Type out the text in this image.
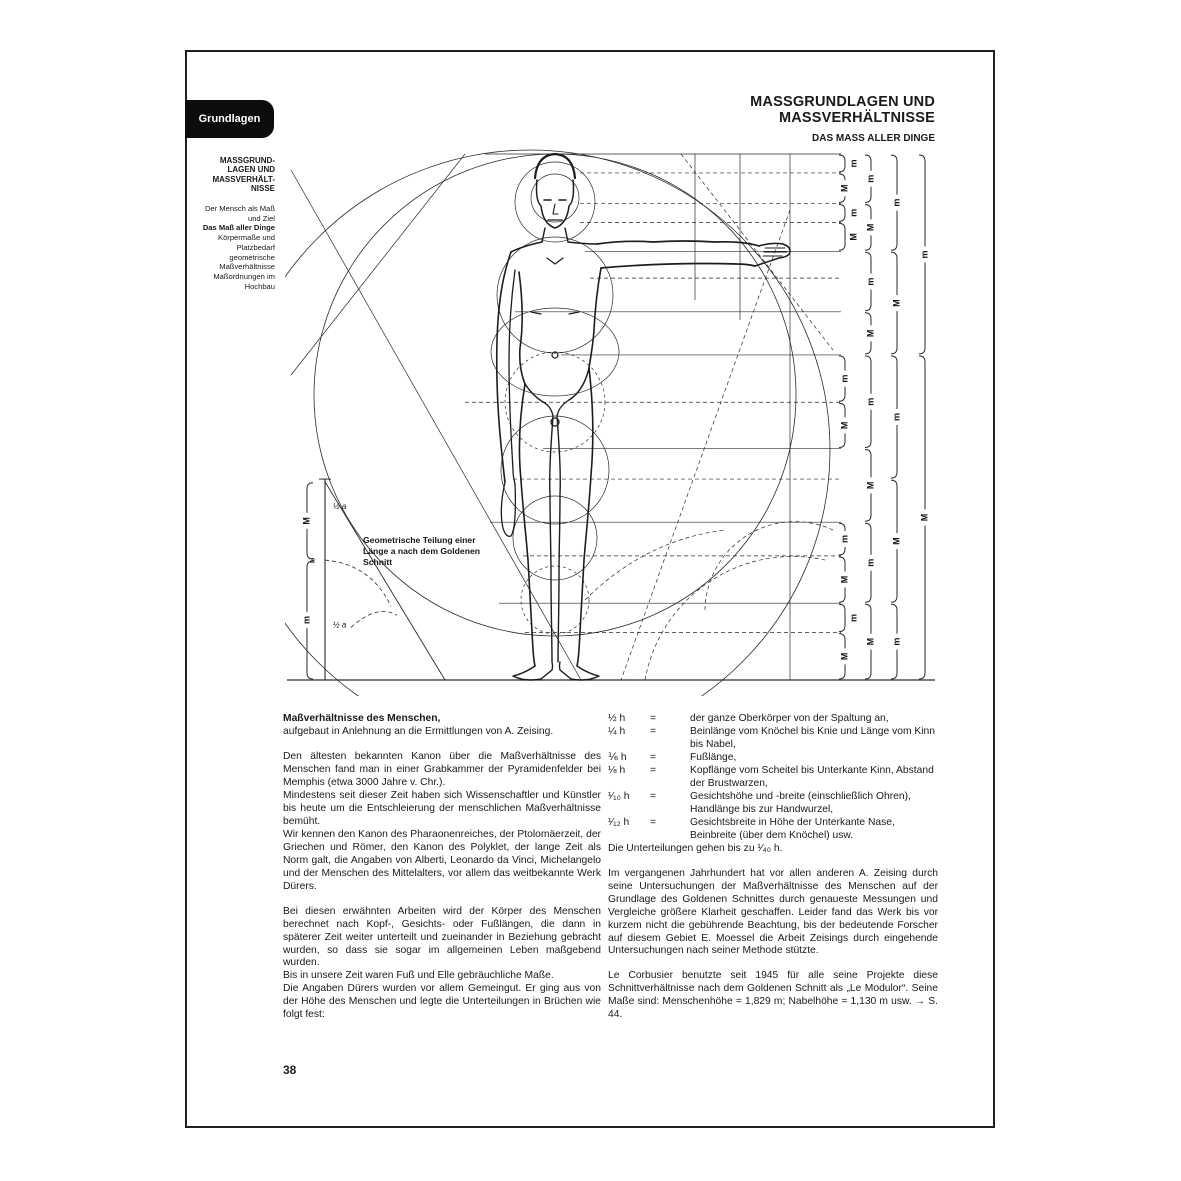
Grundlagen
MASSGRUND-
LAGEN UND
MASSVERHÄLT-
NISSE
Der Mensch als Maß und Ziel
Das Maß aller Dinge
Körpermaße und Platzbedarf
geometrische Maßverhältnisse
Maßordnungen im Hochbau
MASSGRUNDLAGEN UND
MASSVERHÄLTNISSE
DAS MASS ALLER DINGE
m
M
m
M
m
M
m
M
m
M
m
M
m
M
m
M
m
M
m
M
m
M
m
m
M
M
m
a
½ a
½ a
Geometrische Teilung einer Länge a nach dem Goldenen Schnitt

Maßverhältnisse des Menschen,

aufgebaut in Anlehnung an die Ermittlungen von A. Zeising.

Den ältesten bekannten Kanon über die Maßverhältnisse des Menschen fand man in einer Grabkammer der Pyramidenfelder bei Memphis (etwa 3000 Jahre v. Chr.).

Mindestens seit dieser Zeit haben sich Wissenschaftler und Künstler bis heute um die Entschleierung der menschlichen Maßverhältnisse bemüht.

Wir kennen den Kanon des Pharaonenreiches, der Ptolomäerzeit, der Griechen und Römer, den Kanon des Polyklet, der lange Zeit als Norm galt, die Angaben von Alberti, Leonardo da Vinci, Michelangelo und der Menschen des Mittelalters, vor allem das weitbekannte Werk Dürers.

Bei diesen erwähnten Arbeiten wird der Körper des Menschen berechnet nach Kopf-, Gesichts- oder Fußlängen, die dann in späterer Zeit weiter unterteilt und zueinander in Beziehung gebracht wurden, so dass sie sogar im allgemeinen Leben maßgebend wurden.

Bis in unsere Zeit waren Fuß und Elle gebräuchliche Maße.

Die Angaben Dürers wurden vor allem Gemeingut. Er ging aus von der Höhe des Menschen und legte die Unterteilungen in Brüchen wie folgt fest:

½ h	=	der ganze Oberkörper von der Spaltung an,
¼ h	=	Beinlänge vom Knöchel bis Knie und Länge vom Kinn bis Nabel,
⅙ h	=	Fußlänge,
⅛ h	=	Kopflänge vom Scheitel bis Unterkante Kinn, Abstand der Brustwarzen,
¹⁄₁₀ h	=	Gesichtshöhe und -breite (einschließlich Ohren), Handlänge bis zur Handwurzel,
¹⁄₁₂ h	=	Gesichtsbreite in Höhe der Unterkante Nase, Beinbreite (über dem Knöchel) usw.

Die Unterteilungen gehen bis zu ¹⁄₄₀ h.

Im vergangenen Jahrhundert hat vor allen anderen A. Zeising durch seine Untersuchungen der Maßverhältnisse des Menschen auf der Grundlage des Goldenen Schnittes durch genaueste Messungen und Vergleiche größere Klarheit geschaffen. Leider fand das Werk bis vor kurzem nicht die gebührende Beachtung, bis der bedeutende Forscher auf diesem Gebiet E. Moessel die Arbeit Zeisings durch eingehende Untersuchungen nach seiner Methode stützte.

Le Corbusier benutzte seit 1945 für alle seine Projekte diese Schnittverhältnisse nach dem Goldenen Schnitt als „Le Modulor“. Seine Maße sind: Menschenhöhe = 1,829 m; Nabelhöhe = 1,130 m usw. → S. 44.

38
